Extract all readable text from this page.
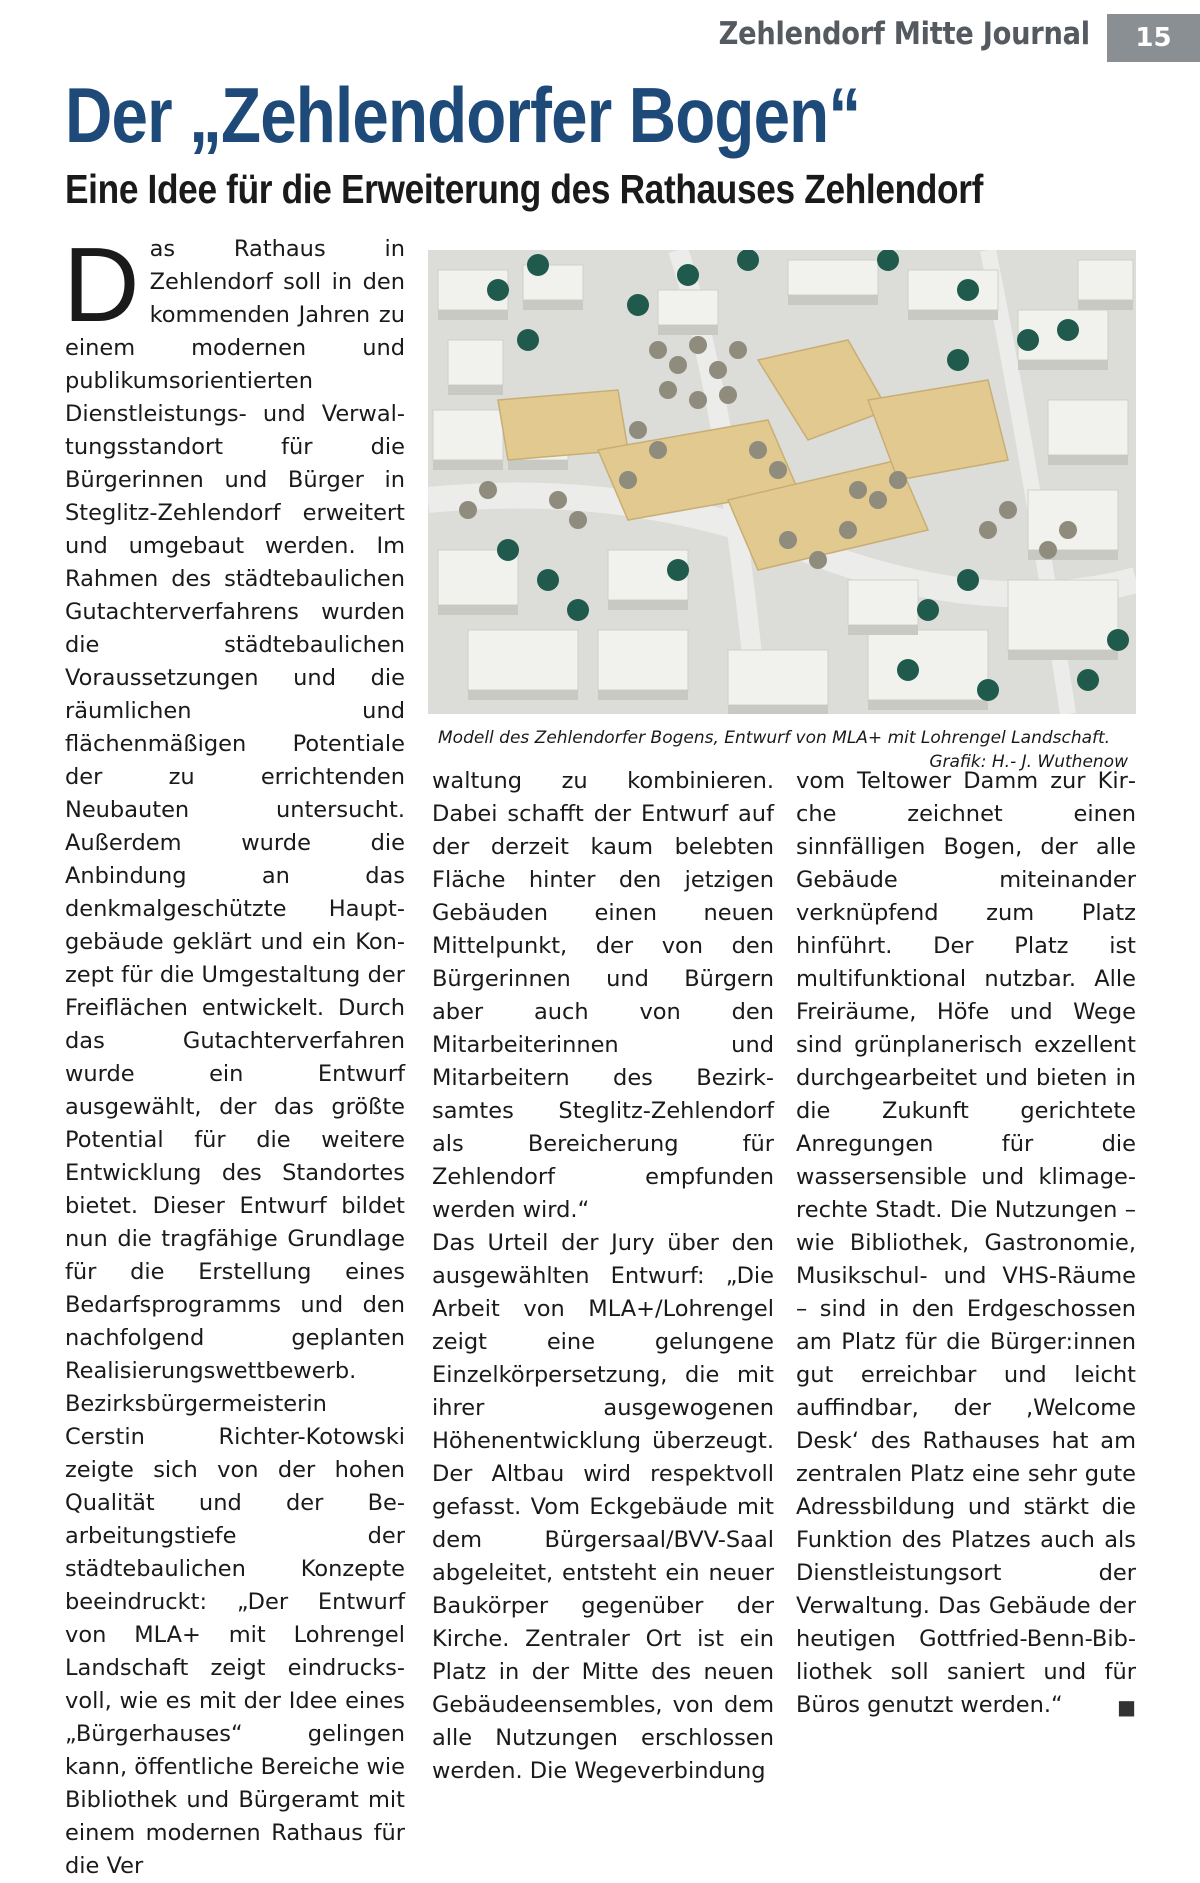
Zehlendorf Mitte Journal	15
Der „Zehlendorfer Bogen“
Eine Idee für die Erweiterung des Rathauses Zehlendorf

Das Rathaus in Zehlendorf soll in den kommenden Jahren zu einem modernen und publikumsorientierten Dienstleistungs- und Verwaltungsstandort für die Bürgerinnen und Bürger in Steglitz-Zehlendorf erweitert und umgebaut werden. Im Rahmen des städtebaulichen Gutachterverfahrens wurden die städtebaulichen Voraussetzungen und die räumlichen und flächenmäßigen Potentiale der zu errichtenden Neubauten untersucht. Außerdem wurde die Anbindung an das denkmalgeschützte Hauptgebäude geklärt und ein Konzept für die Umgestaltung der Freiflächen entwickelt. Durch das Gutachterverfahren wurde ein Entwurf ausgewählt, der das größte Potential für die weitere Entwicklung des Standortes bietet. Dieser Entwurf bildet nun die tragfähige Grundlage für die Erstellung eines Bedarfsprogramms und den nachfolgend geplanten Realisierungswettbewerb.

Bezirksbürgermeisterin Cerstin Richter-Kotowski zeigte sich von der hohen Qualität und der Bearbeitungstiefe der städtebaulichen Konzepte beeindruckt: „Der Entwurf von MLA+ mit Lohrengel Landschaft zeigt eindrucksvoll, wie es mit der Idee eines „Bürgerhauses“ gelingen kann, öffentliche Bereiche wie Bibliothek und Bürgeramt mit einem modernen Rathaus für die Ver

Modell des Zehlendorfer Bogens, Entwurf von MLA+ mit Lohrengel Landschaft.
Grafik: H.- J. Wuthenow

waltung zu kombinieren. Dabei schafft der Entwurf auf der derzeit kaum belebten Fläche hinter den jetzigen Gebäuden einen neuen Mittelpunkt, der von den Bürgerinnen und Bürgern aber auch von den Mitarbeiterinnen und Mitarbeitern des Bezirksamtes Steglitz-Zehlendorf als Bereicherung für Zehlendorf empfunden werden wird.“

Das Urteil der Jury über den ausgewählten Entwurf: „Die Arbeit von MLA+/Lohrengel zeigt eine gelungene Einzelkörpersetzung, die mit ihrer ausgewogenen Höhenentwicklung überzeugt. Der Altbau wird respektvoll gefasst. Vom Eckgebäude mit dem Bürgersaal/BVV-Saal abgeleitet, entsteht ein neuer Baukörper gegenüber der Kirche. Zentraler Ort ist ein Platz in der Mitte des neuen Gebäudeensembles, von dem alle Nutzungen erschlossen werden. Die Wegeverbindung

vom Teltower Damm zur Kirche zeichnet einen sinnfälligen Bogen, der alle Gebäude miteinander verknüpfend zum Platz hinführt. Der Platz ist multifunktional nutzbar. Alle Freiräume, Höfe und Wege sind grünplanerisch exzellent durchgearbeitet und bieten in die Zukunft gerichtete Anregungen für die wassersensible und klimagerechte Stadt. Die Nutzungen – wie Bibliothek, Gastronomie, Musikschul- und VHS-Räume – sind in den Erdgeschossen am Platz für die Bürger:innen gut erreichbar und leicht auffindbar, der ‚Welcome Desk‘ des Rathauses hat am zentralen Platz eine sehr gute Adressbildung und stärkt die Funktion des Platzes auch als Dienstleistungsort der Verwaltung. Das Gebäude der heutigen Gottfried-Benn-Bibliothek soll saniert und für Büros genutzt werden.“	■
